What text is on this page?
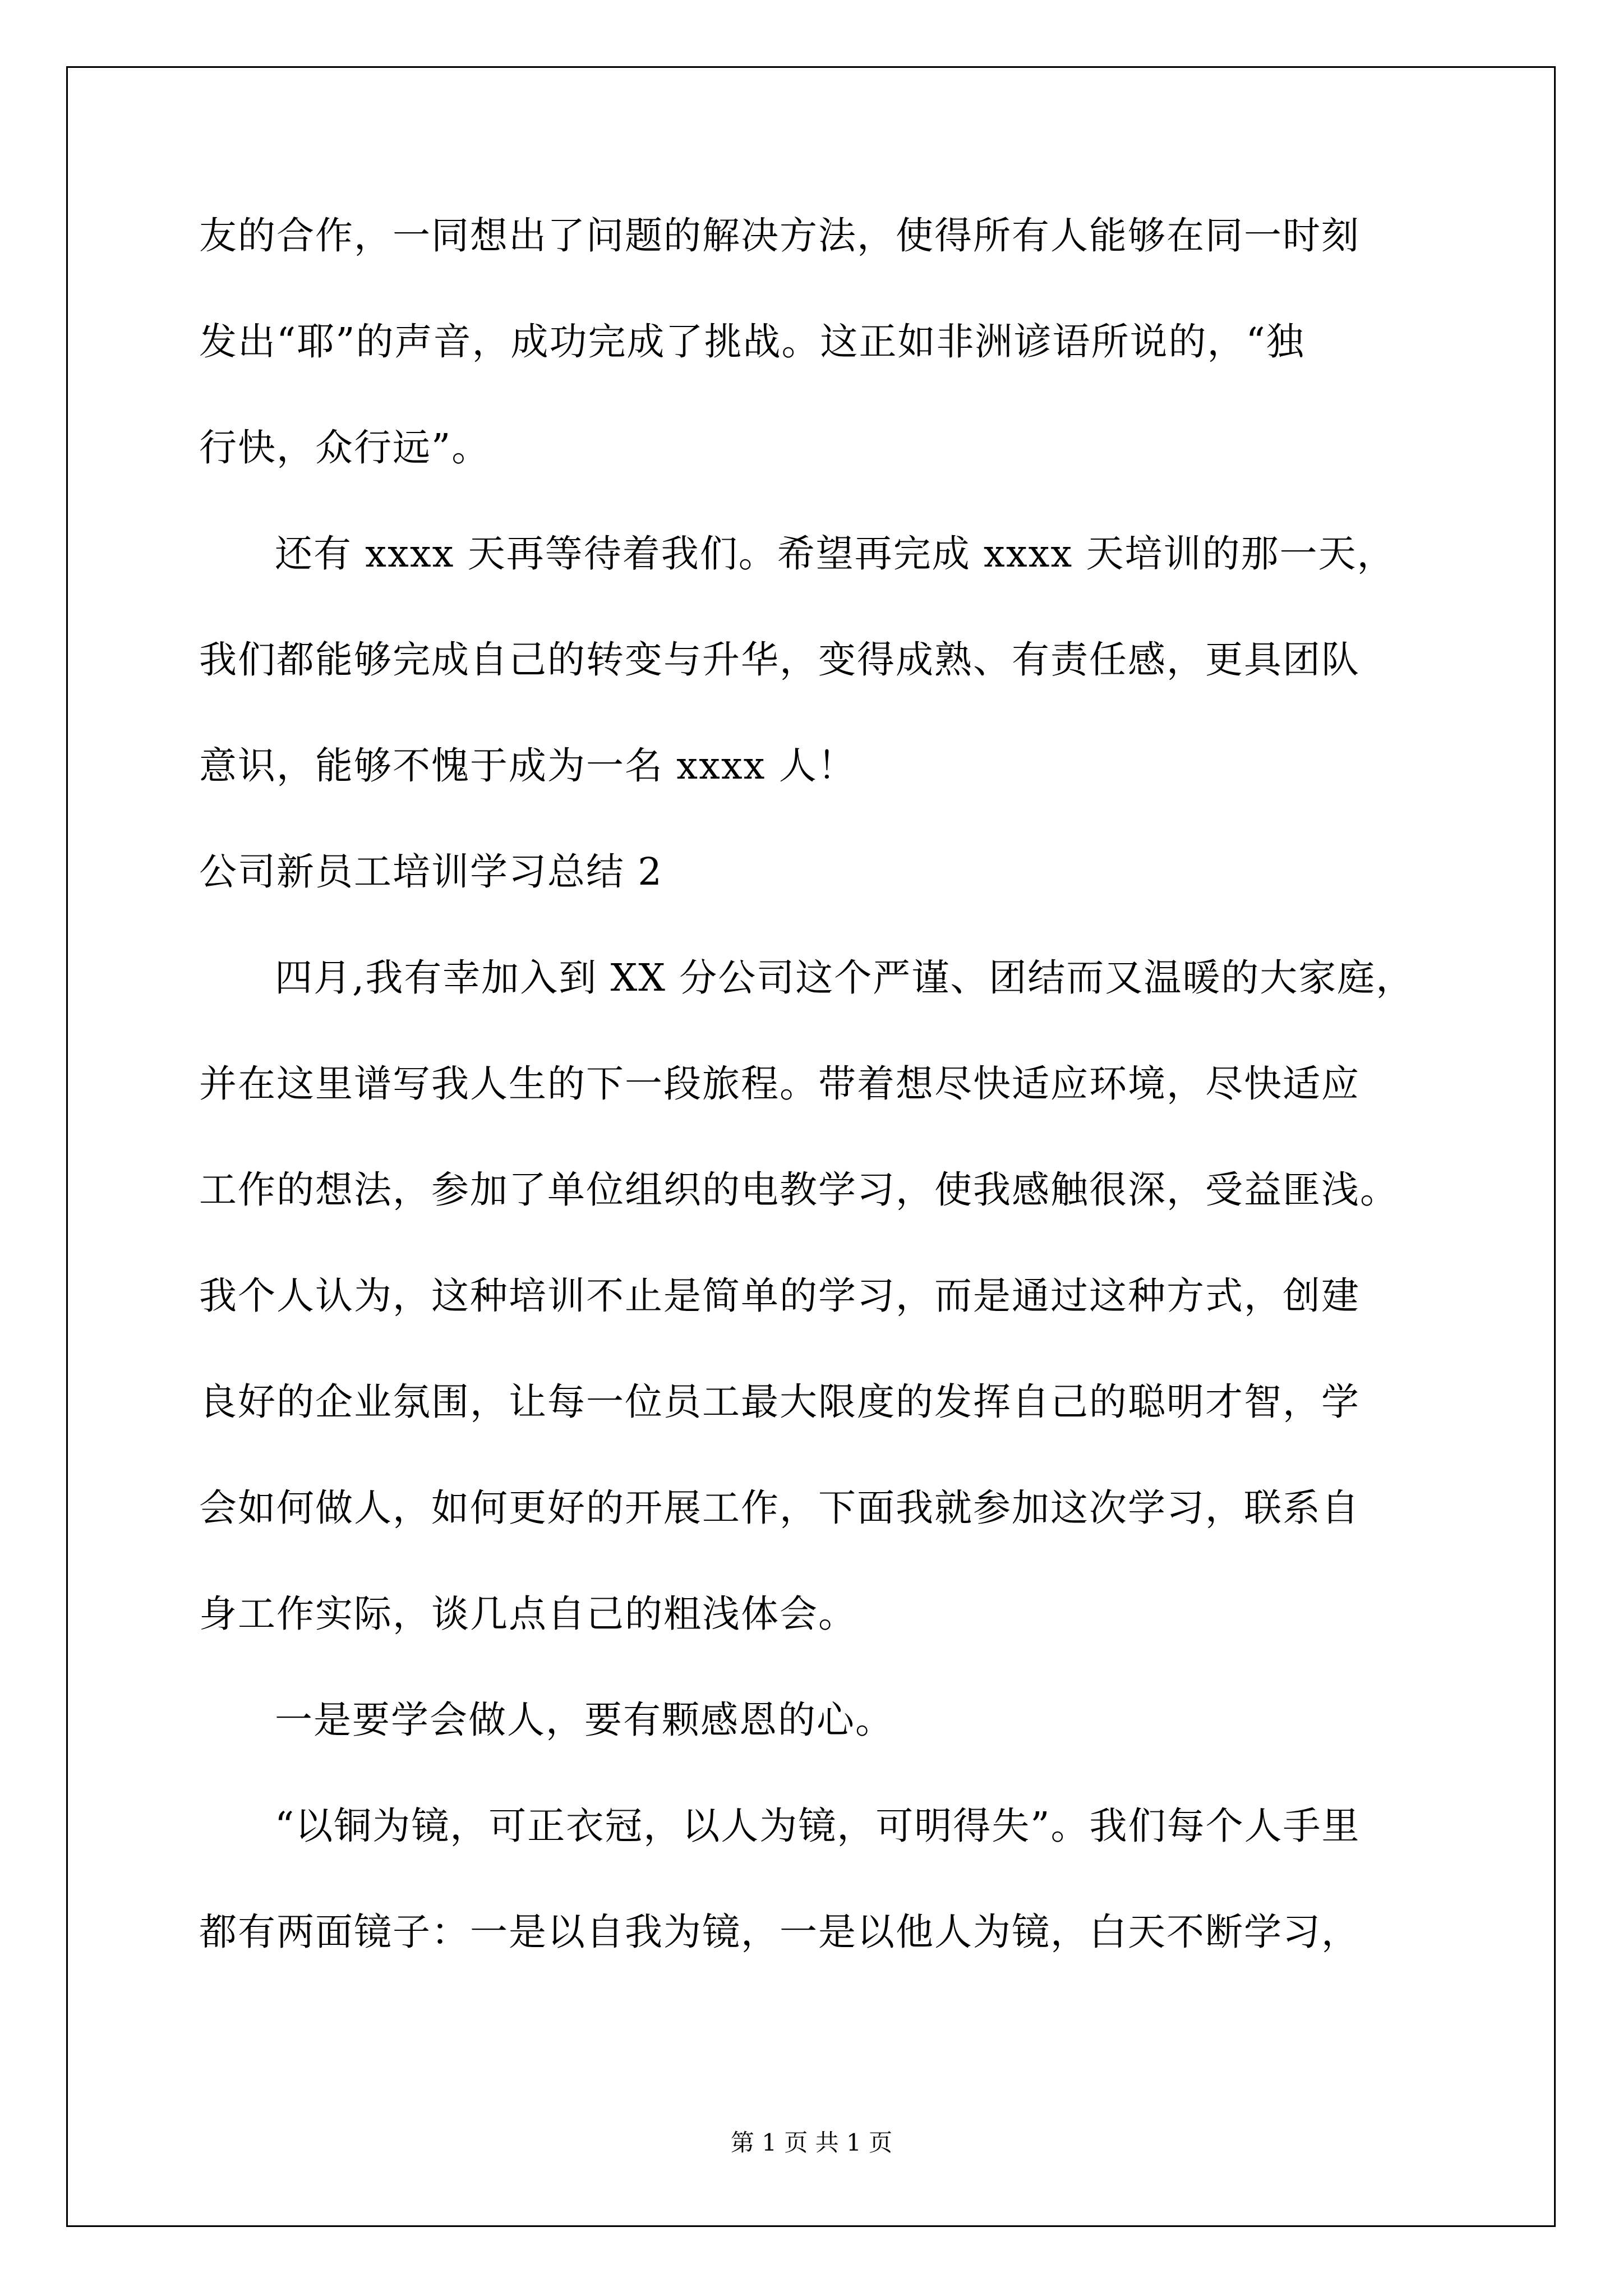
友的合作，一同想出了问题的解决方法，使得所有人能够在同一时刻
发出“耶”的声音，成功完成了挑战。这正如非洲谚语所说的，“独
行快，众行远”。
还有 xxxx 天再等待着我们。希望再完成 xxxx 天培训的那一天，
我们都能够完成自己的转变与升华，变得成熟、有责任感，更具团队
意识，能够不愧于成为一名 xxxx 人！
公司新员工培训学习总结 2
四月,我有幸加入到 XX 分公司这个严谨、团结而又温暖的大家庭，
并在这里谱写我人生的下一段旅程。带着想尽快适应环境，尽快适应
工作的想法，参加了单位组织的电教学习，使我感触很深，受益匪浅。
我个人认为，这种培训不止是简单的学习，而是通过这种方式，创建
良好的企业氛围，让每一位员工最大限度的发挥自己的聪明才智，学
会如何做人，如何更好的开展工作，下面我就参加这次学习，联系自
身工作实际，谈几点自己的粗浅体会。
一是要学会做人，要有颗感恩的心。
“以铜为镜，可正衣冠，以人为镜，可明得失”。我们每个人手里
都有两面镜子：一是以自我为镜，一是以他人为镜，白天不断学习，
第 1 页 共 1 页
